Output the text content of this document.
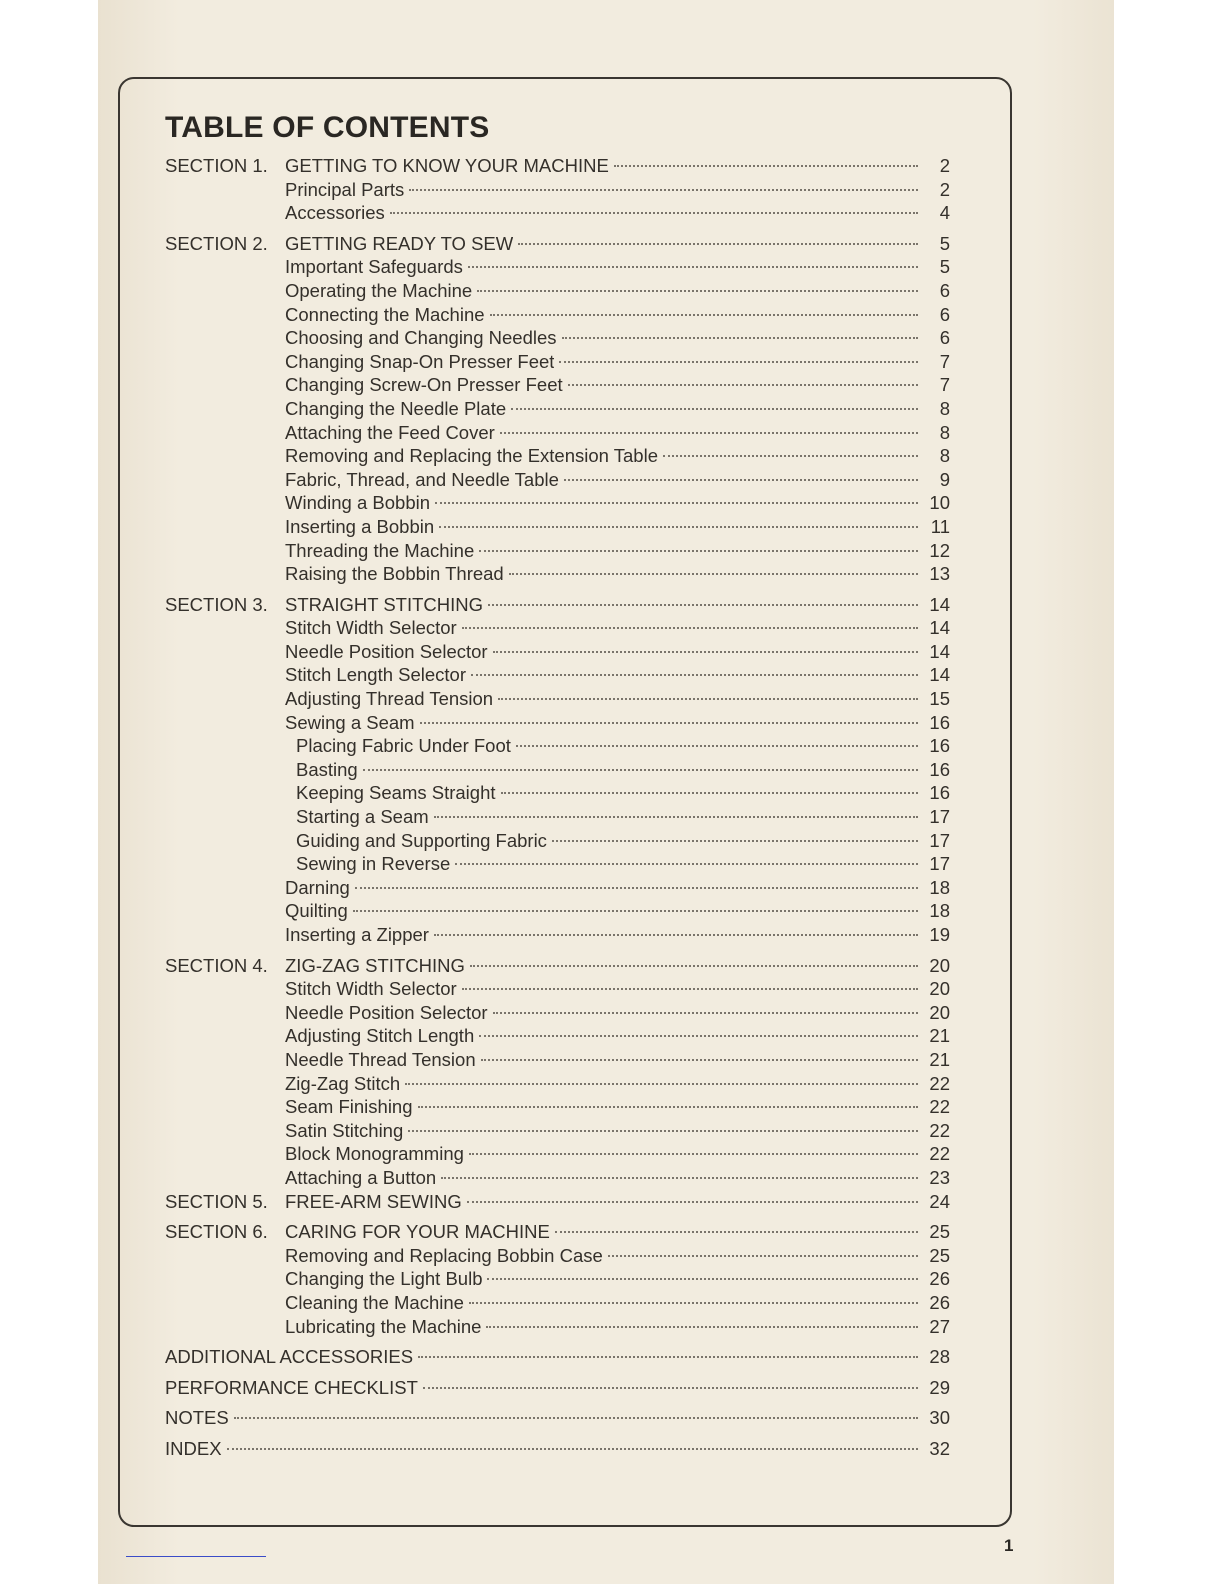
TABLE OF CONTENTS
SECTION 1. GETTING TO KNOW YOUR MACHINE	2
Principal Parts	2
Accessories	4
SECTION 2. GETTING READY TO SEW	5
Important Safeguards	5
Operating the Machine	6
Connecting the Machine	6
Choosing and Changing Needles	6
Changing Snap-On Presser Feet	7
Changing Screw-On Presser Feet	7
Changing the Needle Plate	8
Attaching the Feed Cover	8
Removing and Replacing the Extension Table	8
Fabric, Thread, and Needle Table	9
Winding a Bobbin	10
Inserting a Bobbin	11
Threading the Machine	12
Raising the Bobbin Thread	13
SECTION 3. STRAIGHT STITCHING	14
Stitch Width Selector	14
Needle Position Selector	14
Stitch Length Selector	14
Adjusting Thread Tension	15
Sewing a Seam	16
Placing Fabric Under Foot	16
Basting	16
Keeping Seams Straight	16
Starting a Seam	17
Guiding and Supporting Fabric	17
Sewing in Reverse	17
Darning	18
Quilting	18
Inserting a Zipper	19
SECTION 4. ZIG-ZAG STITCHING	20
Stitch Width Selector	20
Needle Position Selector	20
Adjusting Stitch Length	21
Needle Thread Tension	21
Zig-Zag Stitch	22
Seam Finishing	22
Satin Stitching	22
Block Monogramming	22
Attaching a Button	23
SECTION 5. FREE-ARM SEWING	24
SECTION 6. CARING FOR YOUR MACHINE	25
Removing and Replacing Bobbin Case	25
Changing the Light Bulb	26
Cleaning the Machine	26
Lubricating the Machine	27
ADDITIONAL ACCESSORIES	28
PERFORMANCE CHECKLIST	29
NOTES	30
INDEX	32
1
